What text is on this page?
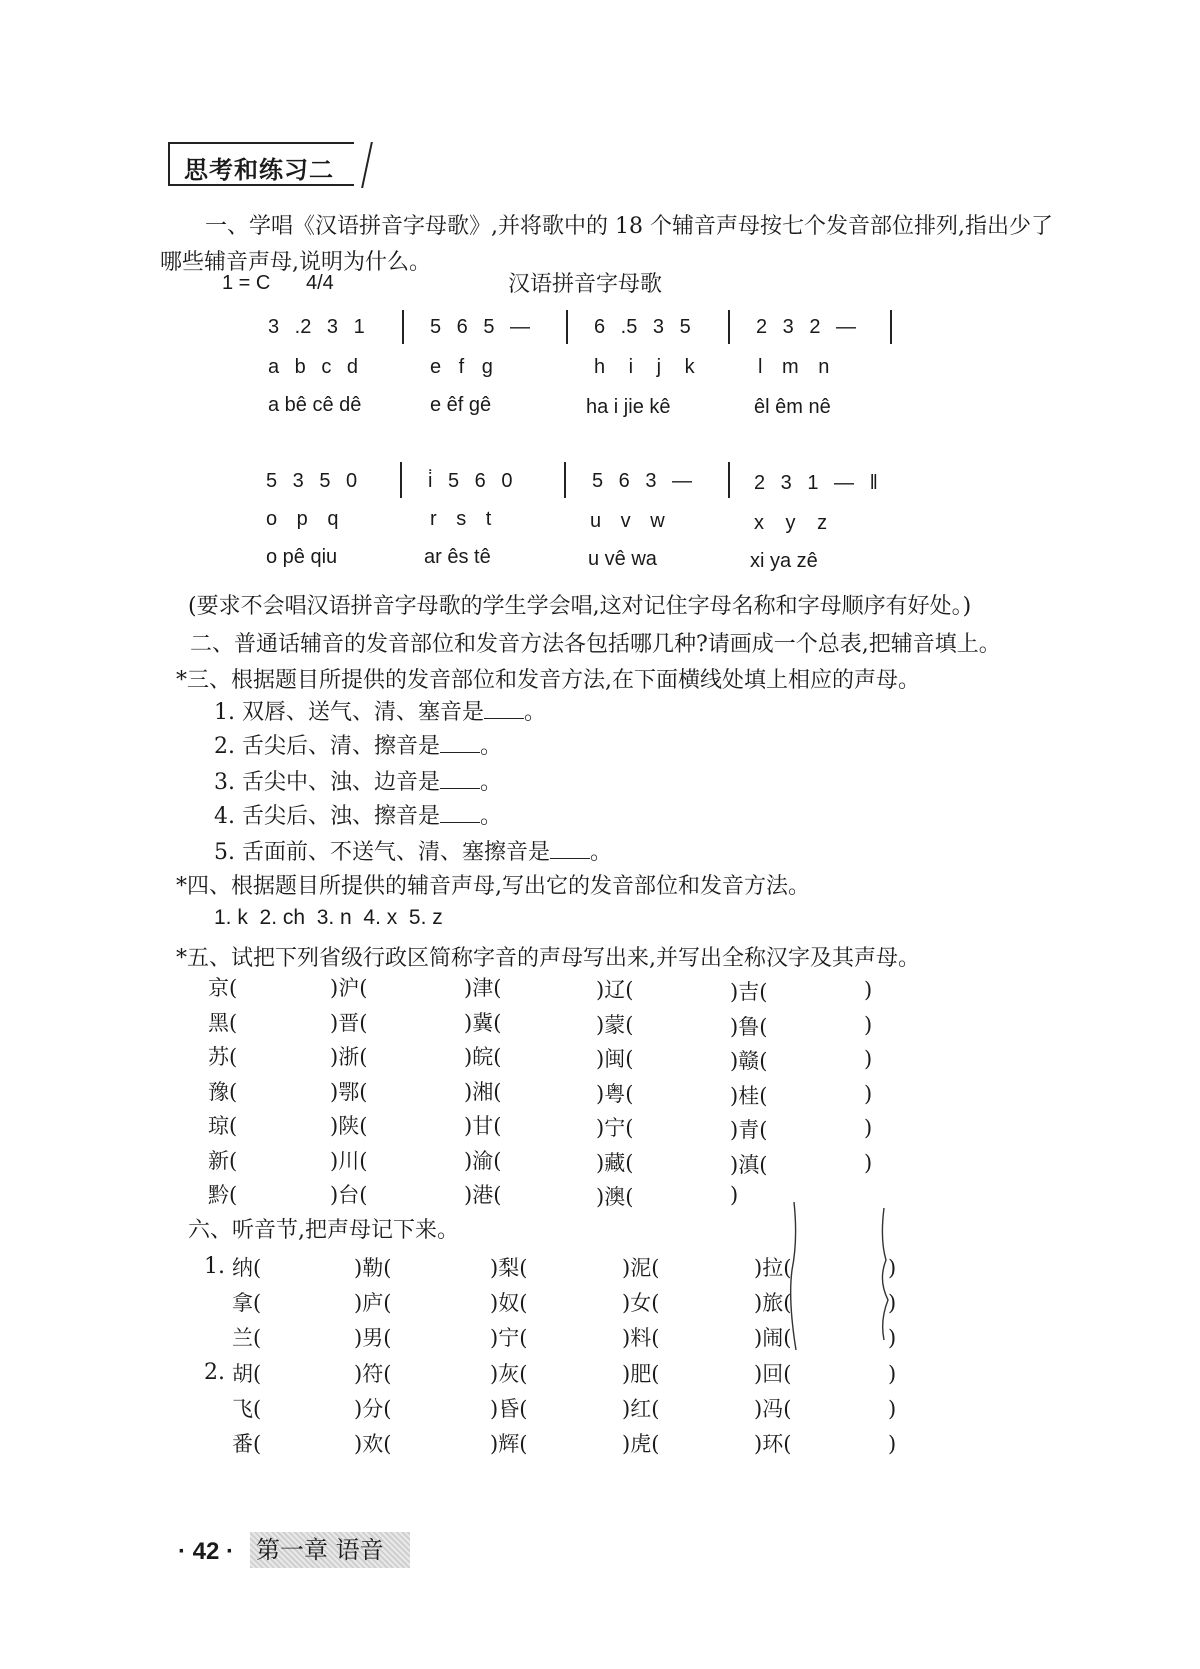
思考和练习二
一、学唱《汉语拼音字母歌》,并将歌中的 18 个辅音声母按七个发音部位排列,指出少了
哪些辅音声母,说明为什么。
1 = C 4/4	汉语拼音字母歌
3 .2 3 1	5 6 5 —	6 .5 3 5	2 3 2 —
a b c d	e f g	h i j k	l m n
a bê cê dê	e êf gê	ha i jie kê	êl êm nê
5 3 5 0	i̇ 5 6 0	5 6 3 —	2 3 1 — ‖
o p q	r s t	u v w	x y z
o pê qiu	ar ês tê	u vê wa	xi ya zê
(要求不会唱汉语拼音字母歌的学生学会唱,这对记住字母名称和字母顺序有好处。)
二、普通话辅音的发音部位和发音方法各包括哪几种?请画成一个总表,把辅音填上。
*三、根据题目所提供的发音部位和发音方法,在下面横线处填上相应的声母。
1. 双唇、送气、清、塞音是 。
2. 舌尖后、清、擦音是 。
3. 舌尖中、浊、边音是 。
4. 舌尖后、浊、擦音是 。
5. 舌面前、不送气、清、塞擦音是 。
*四、根据题目所提供的辅音声母,写出它的发音部位和发音方法。
1. k  2. ch  3. n  4. x  5. z
*五、试把下列省级行政区简称字音的声母写出来,并写出全称汉字及其声母。
京(	)沪(	)津(	)辽(	)吉(	)
黑(	)晋(	)冀(	)蒙(	)鲁(	)
苏(	)浙(	)皖(	)闽(	)赣(	)
豫(	)鄂(	)湘(	)粤(	)桂(	)
琼(	)陕(	)甘(	)宁(	)青(	)
新(	)川(	)渝(	)藏(	)滇(	)
黔(	)台(	)港(	)澳(	)
六、听音节,把声母记下来。
1.
2.
纳(	)勒(	)梨(	)泥(	)拉(	)
拿(	)庐(	)奴(	)女(	)旅(	)
兰(	)男(	)宁(	)料(	)闹(	)
胡(	)符(	)灰(	)肥(	)回(	)
飞(	)分(	)昏(	)红(	)冯(	)
番(	)欢(	)辉(	)虎(	)环(	)
· 42 · 第一章 语音
